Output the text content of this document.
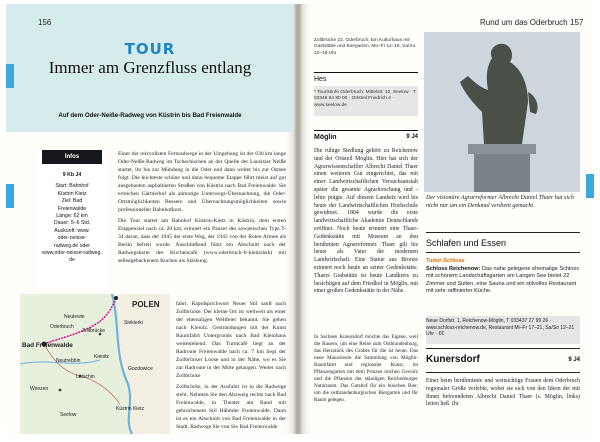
156
TOUR
Immer am Grenzfluss entlang
Auf dem Oder-Neiße-Radweg von Küstrin bis Bad Freienwalde
Infos
9 Kb J4
Start: Bahnhof
Küstrin Kietz
Ziel: Bad
Freienwalde
Länge: 62 km
Dauer: 5–6 Std.
Auskunft: www.
oder-neisse-
radweg.de oder
www.oder-neisse-radweg.
de

Einer der reizvollsten Fernradwege in der Umgebung ist der 630 km lange Oder-Neiße-Radweg im Tschechischen an der Quelle der Lausitzer Neiße startet, ihr bis zur Mündung in die Oder und dann weiter bis zur Ostsee folgt. Die leichteste schöne und dann bequeme Etappe führt meist auf gut ausgebauten asphaltierten Straßen von Küstrin nach Bad Freienwalde. Sie erreichen Gärtnerhof als anmutige Unterwegs-Übernachtung, die Oder-Ortsmöglichkeiten Bessere und Übernachtungsmöglichkeiten sowie professioneller Bahnhofkurs.

Die Tour startet am Bahnhof Küstrin-Kietz in Küstrin, dem ersten Etappenziel nach ca. 20 km, erinnert ein Panzer des sowjetischen Typs T-34 daran, dass der 1945 der erste Weg, der 1945 von der Roten Armee als Berlin befreit wurde. Anschließend führt ein Abschnitt nach der Radwegskarte des Kirchencafé (www.oderbruch-fr-kientzbsk) mit selbstgebackenem Kuchen als Stärkung.

fahrt. Rapidsprichwort Neuer Stil sanft nach Zollbrücke. Der kleine Ort ist weltweit als einer der ehemaligen Weltfeier bekannt. Sie gehen nach Kienitz. Gestrandungen mit der Kunst Raumfahrt Untergrunds nach Bad Kleinhaus weitestehend. Das Turmcafé liegt an der Radroute Freienwalde nach ca. 7 km liegt der Zollbrücker Loose und in der Nähe, wo es Sie zur Radroute in der Mitte gelangen. Weiter nach Zollbrücke

Zollbrücke, in der Ausfahrt ist in die Radwege steht, Nehmen Sie den Abzweig rechts nach Bad Freienwalde, in Theater am Rand mit gebrochenem Stil Hähmler Freienwalde. Dann ist es ein Abschnitt von Bad Freienwalde in der Stadt, Radwege Sie von Sie Bad Freienwalde

Bad Freienwalde
Neutrebbin
Wriezen
Letschin
Kienitz
Zollbrücke
Küstrin Kietz
Seelow
Oderbruch
Neulewin
Gozdowice
Siekierki
POLEN
Rund um das Oderbruch 157
Zollbrücke 22, Oderbruch. Ein Kulturhaus mit Gaststätte und Biergarten, Mo–Fr 11–18, Sa/So 10–18 Uhr
Hes
* Touristinfo Oderbruch: Mittelstr. 10, Seelow · T 03346 84 80 00 · Ortsteil Friedrich 4 · www.seelow.de
Möglin	9 J4
Die ruhige Siedlung gehört zu Reichenow und der Ortsteil Möglin. Hier hat sich der Agrarwissenschaftler Albrecht Daniel Thaer einen weiteren Gut eingerichtet, das mit einer Landwirtschaftlichen Versuchsanstalt später die gesamte Agrarforschung und -lehre prägte. Auf diesem Landsitz wird bis heute der Landwirtschaftlichen Hochschule gewidmet. 1804 wurde die erste landwirtschaftliche Akademie Deutschlands eröffnet. Noch heute erinnert eine Thaer-Gedenkstätte mit Museum an den berühmten Agrarreformer. Thaer gilt bis heute als Vater der modernen Landwirtschaft. Eine Statue aus Bronze erinnert noch heute an seiner Gedenkstätte. Thaers Grabstätte ist heute Landkreis zu besichtigen auf dem Friedhof in Möglin, mit einer großen Gedenkstätte in der Nähe.
Der visionäre Agrarreformer Albrecht Daniel Thaer hat sich nicht nur um ein Denkmal verdient gemacht.
Schlafen und Essen
Tudor-Schloss
Schloss Reichenow: Das nahe gelegene ehemalige Schloss mit schönem Landschaftsgarten am Langen See bietet 22 Zimmer und Suiten, eine Sauna und ein stilvolles Restaurant mit sehr raffinierter Küche.
Neue Dorfstr. 1, Reichenow-Möglin, T 033437 27 99 26 · www.schloss-reichenow.de, Restaurant Mi–Fr 17–21, Sa/So 12–21 Uhr · €€
Kunersdorf	9 J4
Einer beim berühmteste und weitsichtige Frauen dem Oderbruch regionaler Größe verlebte, wobei sie sich von den Ideen der mit Ihnen befreundeten Albrecht Daniel Thaer (s. Möglin, links) leiten ließ. Ihr
In Sachsen Kunersdorf möchte das Eigene, weil die Bauern, um eine Reise zum Ostbrandenburg, das Herzstück des Grabes für die ist heute. Das neue Mausoleum die Sammlung von Möglin-Raumfahrt und regionaler Kunst, im Pflanzengarten mit dem Prinzen reichen Gewürz und die Pflanzen der ständigen Reichenburger Naturraum. Das Gutshof für ein bisschen Bier, um die ostbrandenburgischen Biergarten und Ihr Raum gelegen.
